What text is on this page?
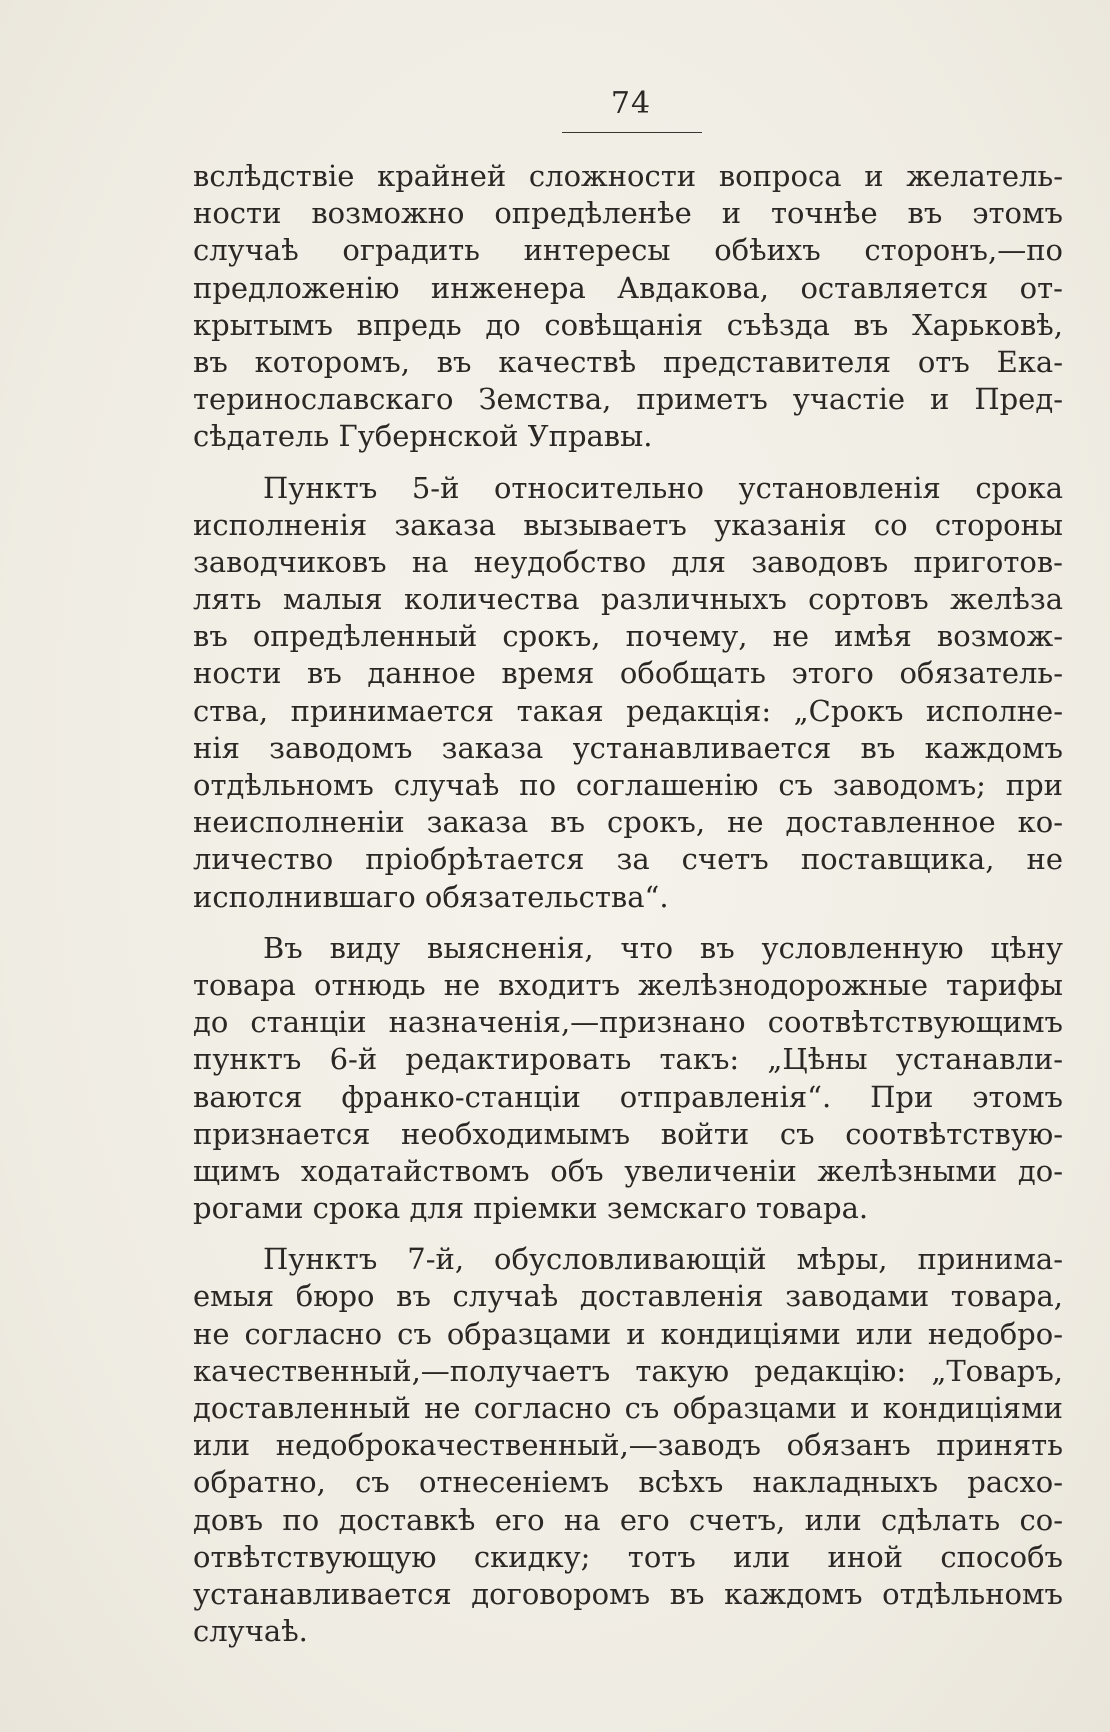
74

вслѣдствіе крайней сложности вопроса и желатель-
ности возможно опредѣленѣе и точнѣе въ этомъ
случаѣ оградить интересы обѣихъ сторонъ,—по
предложенію инженера Авдакова, оставляется от-
крытымъ впредь до совѣщанія съѣзда въ Харьковѣ,
въ которомъ, въ качествѣ представителя отъ Ека-
теринославскаго Земства, приметъ участіе и Пред-
сѣдатель Губернской Управы.

Пунктъ 5-й относительно установленія срока
исполненія заказа вызываетъ указанія со стороны
заводчиковъ на неудобство для заводовъ приготов-
лять малыя количества различныхъ сортовъ желѣза
въ опредѣленный срокъ, почему, не имѣя возмож-
ности въ данное время обобщать этого обязатель-
ства, принимается такая редакція: „Срокъ исполне-
нія заводомъ заказа устанавливается въ каждомъ
отдѣльномъ случаѣ по соглашенію съ заводомъ; при
неисполненіи заказа въ срокъ, не доставленное ко-
личество пріобрѣтается за счетъ поставщика, не
исполнившаго обязательства“.

Въ виду выясненія, что въ условленную цѣну
товара отнюдь не входитъ желѣзнодорожные тарифы
до станціи назначенія,—признано соотвѣтствующимъ
пунктъ 6-й редактировать такъ: „Цѣны устанавли-
ваются франко-станціи отправленія“. При этомъ
признается необходимымъ войти съ соотвѣтствую-
щимъ ходатайствомъ объ увеличеніи желѣзными до-
рогами срока для пріемки земскаго товара.

Пунктъ 7-й, обусловливающій мѣры, принима-
емыя бюро въ случаѣ доставленія заводами товара,
не согласно съ образцами и кондиціями или недобро-
качественный,—получаетъ такую редакцію: „Товаръ,
доставленный не согласно съ образцами и кондиціями
или недоброкачественный,—заводъ обязанъ принять
обратно, съ отнесеніемъ всѣхъ накладныхъ расхо-
довъ по доставкѣ его на его счетъ, или сдѣлать со-
отвѣтствующую скидку; тотъ или иной способъ
устанавливается договоромъ въ каждомъ отдѣльномъ
случаѣ.
